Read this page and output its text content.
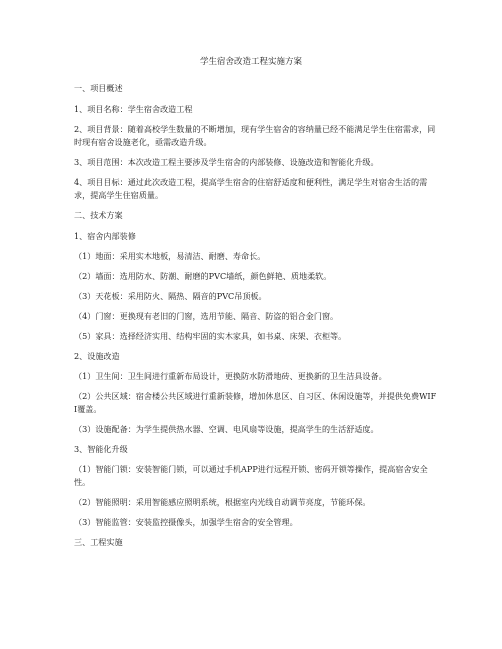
学生宿舍改造工程实施方案
一、项目概述
1、项目名称：学生宿舍改造工程
2、项目背景：随着高校学生数量的不断增加，现有学生宿舍的容纳量已经不能满足学生住宿需求，同时现有宿舍设施老化，亟需改造升级。
3、项目范围：本次改造工程主要涉及学生宿舍的内部装修、设施改造和智能化升级。
4、项目目标：通过此次改造工程，提高学生宿舍的住宿舒适度和便利性，满足学生对宿舍生活的需求，提高学生住宿质量。
二、技术方案
1、宿舍内部装修
（1）地面：采用实木地板，易清洁、耐磨、寿命长。
（2）墙面：选用防水、防潮、耐磨的PVC墙纸，颜色鲜艳、质地柔软。
（3）天花板：采用防火、隔热、隔音的PVC吊顶板。
（4）门窗：更换现有老旧的门窗，选用节能、隔音、防盗的铝合金门窗。
（5）家具：选择经济实用、结构牢固的实木家具，如书桌、床架、衣柜等。
2、设施改造
（1）卫生间：卫生间进行重新布局设计，更换防水防滑地砖、更换新的卫生洁具设备。
（2）公共区域：宿舍楼公共区域进行重新装修，增加休息区、自习区、休闲设施等，并提供免费WIFI覆盖。
（3）设施配备：为学生提供热水器、空调、电风扇等设施，提高学生的生活舒适度。
3、智能化升级
（1）智能门锁：安装智能门锁，可以通过手机APP进行远程开锁、密码开锁等操作，提高宿舍安全性。
（2）智能照明：采用智能感应照明系统，根据室内光线自动调节亮度，节能环保。
（3）智能监管：安装监控摄像头，加强学生宿舍的安全管理。
三、工程实施
